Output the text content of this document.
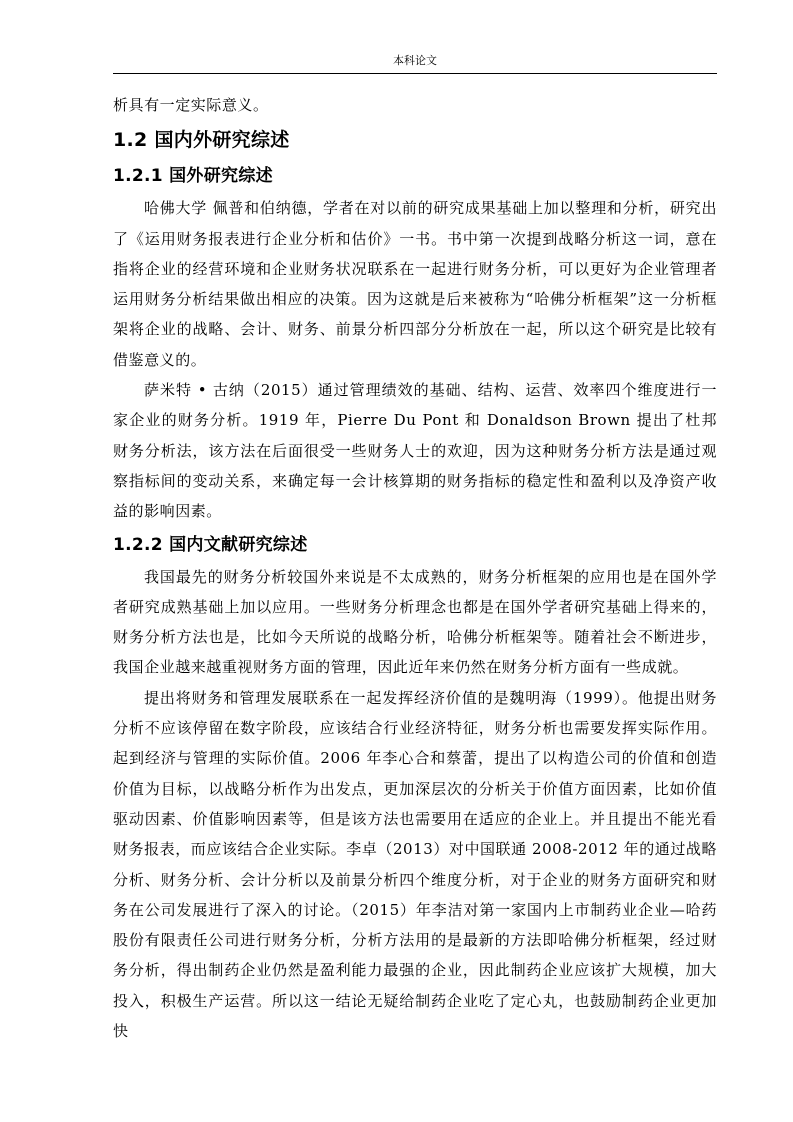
本科论文

析具有一定实际意义。

1.2 国内外研究综述
1.2.1 国外研究综述

哈佛大学 佩普和伯纳德，学者在对以前的研究成果基础上加以整理和分析，研究出了《运用财务报表进行企业分析和估价》一书。书中第一次提到战略分析这一词，意在指将企业的经营环境和企业财务状况联系在一起进行财务分析，可以更好为企业管理者运用财务分析结果做出相应的决策。因为这就是后来被称为“哈佛分析框架”这一分析框架将企业的战略、会计、财务、前景分析四部分分析放在一起，所以这个研究是比较有借鉴意义的。

萨米特 • 古纳（2015）通过管理绩效的基础、结构、运营、效率四个维度进行一家企业的财务分析。1919 年，Pierre Du Pont 和 Donaldson Brown 提出了杜邦财务分析法，该方法在后面很受一些财务人士的欢迎，因为这种财务分析方法是通过观察指标间的变动关系，来确定每一会计核算期的财务指标的稳定性和盈利以及净资产收益的影响因素。

1.2.2 国内文献研究综述

我国最先的财务分析较国外来说是不太成熟的，财务分析框架的应用也是在国外学者研究成熟基础上加以应用。一些财务分析理念也都是在国外学者研究基础上得来的，财务分析方法也是，比如今天所说的战略分析，哈佛分析框架等。随着社会不断进步，我国企业越来越重视财务方面的管理，因此近年来仍然在财务分析方面有一些成就。

提出将财务和管理发展联系在一起发挥经济价值的是魏明海（1999）。他提出财务分析不应该停留在数字阶段，应该结合行业经济特征，财务分析也需要发挥实际作用。起到经济与管理的实际价值。2006 年李心合和蔡蕾，提出了以构造公司的价值和创造价值为目标，以战略分析作为出发点，更加深层次的分析关于价值方面因素，比如价值驱动因素、价值影响因素等，但是该方法也需要用在适应的企业上。并且提出不能光看财务报表，而应该结合企业实际。李卓（2013）对中国联通 2008-2012 年的通过战略分析、财务分析、会计分析以及前景分析四个维度分析，对于企业的财务方面研究和财务在公司发展进行了深入的讨论。（2015）年李洁对第一家国内上市制药业企业—哈药股份有限责任公司进行财务分析，分析方法用的是最新的方法即哈佛分析框架，经过财务分析，得出制药企业仍然是盈利能力最强的企业，因此制药企业应该扩大规模，加大投入，积极生产运营。所以这一结论无疑给制药企业吃了定心丸，也鼓励制药企业更加快
